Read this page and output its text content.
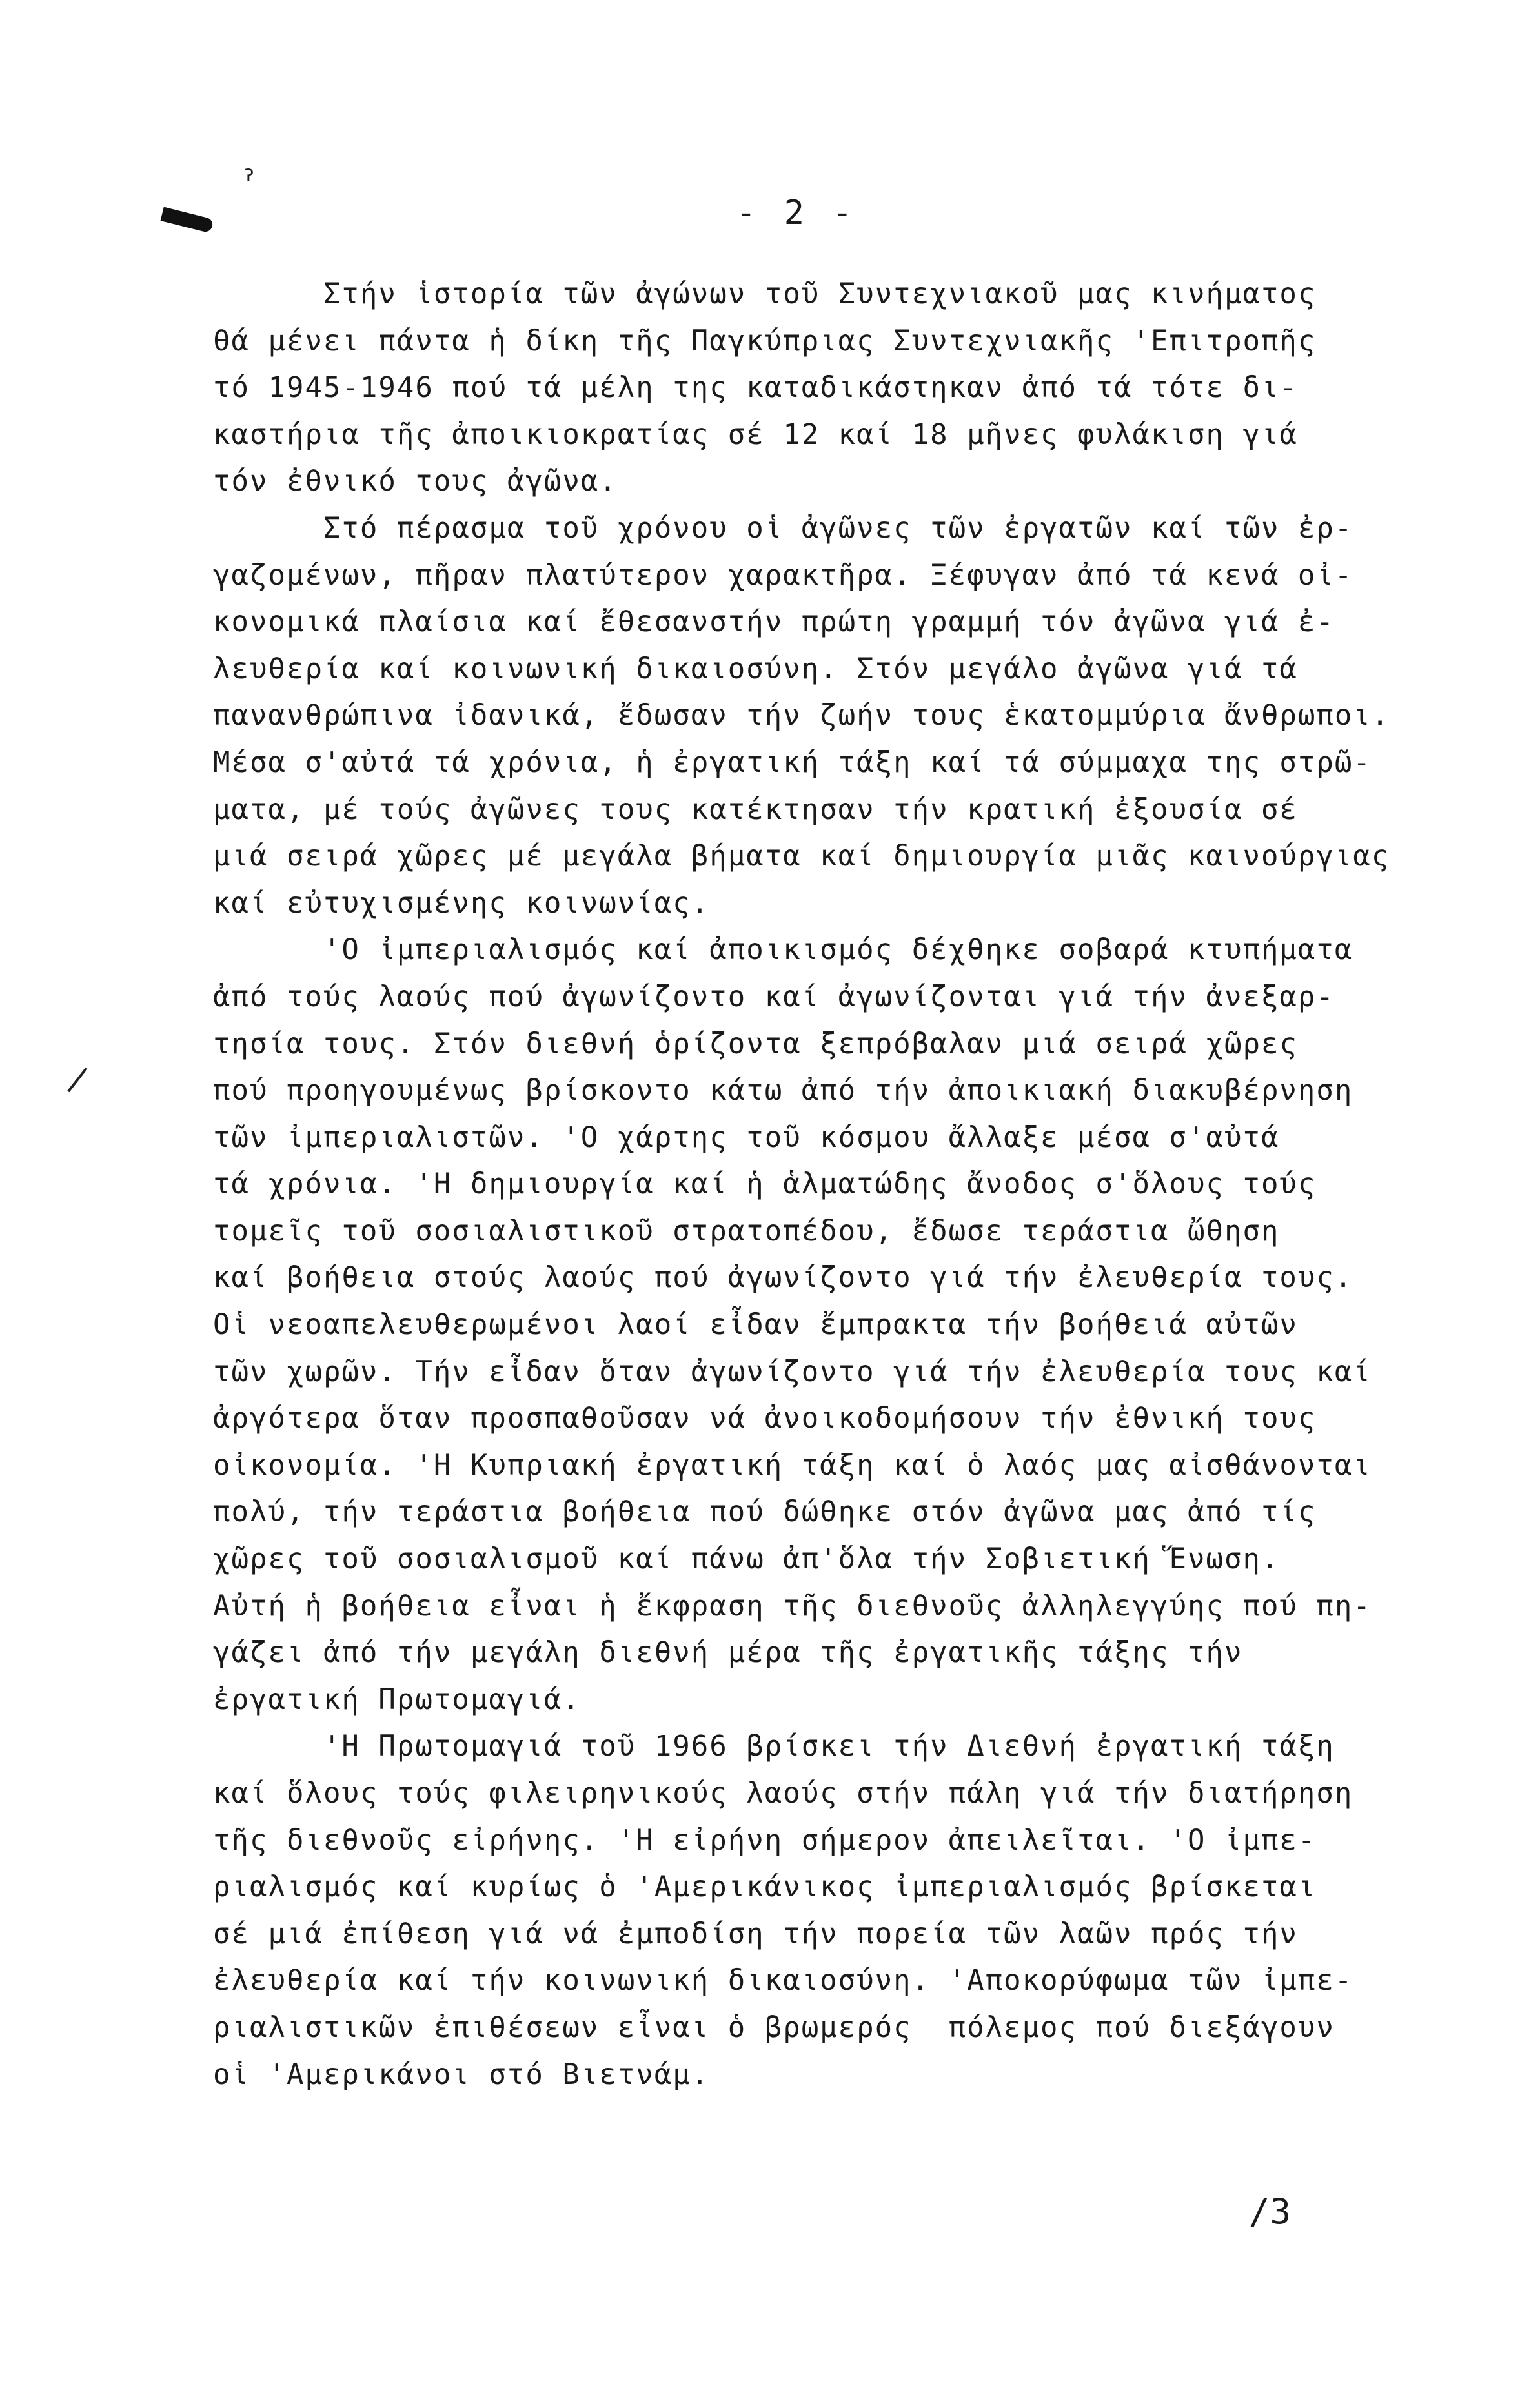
ˀ
- 2 -
Στήν ἱστορία τῶν ἀγώνων τοῦ Συντεχνιακοῦ μας κινήματος
θά μένει πάντα ἡ δίκη τῆς Παγκύπριας Συντεχνιακῆς 'Επιτροπῆς
τό 1945-1946 πού τά μέλη της καταδικάστηκαν ἀπό τά τότε δι-
καστήρια τῆς ἀποικιοκρατίας σέ 12 καί 18 μῆνες φυλάκιση γιά
τόν ἐθνικό τους ἀγῶνα.
Στό πέρασμα τοῦ χρόνου οἱ ἀγῶνες τῶν ἐργατῶν καί τῶν ἐρ-
γαζομένων, πῆραν πλατύτερον χαρακτῆρα. Ξέφυγαν ἀπό τά κενά οἰ-
κονομικά πλαίσια καί ἔθεσανστήν πρώτη γραμμή τόν ἀγῶνα γιά ἐ-
λευθερία καί κοινωνική δικαιοσύνη. Στόν μεγάλο ἀγῶνα γιά τά
πανανθρώπινα ἰδανικά, ἔδωσαν τήν ζωήν τους ἑκατομμύρια ἄνθρωποι.
Μέσα σ'αὐτά τά χρόνια, ἡ ἐργατική τάξη καί τά σύμμαχα της στρῶ-
ματα, μέ τούς ἀγῶνες τους κατέκτησαν τήν κρατική ἐξουσία σέ
μιά σειρά χῶρες μέ μεγάλα βήματα καί δημιουργία μιᾶς καινούργιας
καί εὐτυχισμένης κοινωνίας.
'Ο ἰμπεριαλισμός καί ἀποικισμός δέχθηκε σοβαρά κτυπήματα
ἀπό τούς λαούς πού ἀγωνίζοντο καί ἀγωνίζονται γιά τήν ἀνεξαρ-
τησία τους. Στόν διεθνή ὁρίζοντα ξεπρόβαλαν μιά σειρά χῶρες
πού προηγουμένως βρίσκοντο κάτω ἀπό τήν ἀποικιακή διακυβέρνηση
τῶν ἰμπεριαλιστῶν. 'Ο χάρτης τοῦ κόσμου ἄλλαξε μέσα σ'αὐτά
τά χρόνια. 'Η δημιουργία καί ἡ ἁλματώδης ἄνοδος σ'ὅλους τούς
τομεῖς τοῦ σοσιαλιστικοῦ στρατοπέδου, ἔδωσε τεράστια ὤθηση
καί βοήθεια στούς λαούς πού ἀγωνίζοντο γιά τήν ἐλευθερία τους.
Οἱ νεοαπελευθερωμένοι λαοί εἶδαν ἔμπρακτα τήν βοήθειά αὐτῶν
τῶν χωρῶν. Τήν εἶδαν ὅταν ἀγωνίζοντο γιά τήν ἐλευθερία τους καί
ἀργότερα ὅταν προσπαθοῦσαν νά ἀνοικοδομήσουν τήν ἐθνική τους
οἰκονομία. 'Η Κυπριακή ἐργατική τάξη καί ὁ λαός μας αἰσθάνονται
πολύ, τήν τεράστια βοήθεια πού δώθηκε στόν ἀγῶνα μας ἀπό τίς
χῶρες τοῦ σοσιαλισμοῦ καί πάνω ἀπ'ὅλα τήν Σοβιετική Ἕνωση.
Αὐτή ἡ βοήθεια εἶναι ἡ ἔκφραση τῆς διεθνοῦς ἀλληλεγγύης πού πη-
γάζει ἀπό τήν μεγάλη διεθνή μέρα τῆς ἐργατικῆς τάξης τήν
ἐργατική Πρωτομαγιά.
'Η Πρωτομαγιά τοῦ 1966 βρίσκει τήν Διεθνή ἐργατική τάξη
καί ὅλους τούς φιλειρηνικούς λαούς στήν πάλη γιά τήν διατήρηση
τῆς διεθνοῦς εἰρήνης. 'Η εἰρήνη σήμερον ἀπειλεῖται. 'Ο ἰμπε-
ριαλισμός καί κυρίως ὁ 'Αμερικάνικος ἰμπεριαλισμός βρίσκεται
σέ μιά ἐπίθεση γιά νά ἐμποδίση τήν πορεία τῶν λαῶν πρός τήν
ἐλευθερία καί τήν κοινωνική δικαιοσύνη. 'Αποκορύφωμα τῶν ἰμπε-
ριαλιστικῶν ἐπιθέσεων εἶναι ὁ βρωμερός  πόλεμος πού διεξάγουν
οἱ 'Αμερικάνοι στό Βιετνάμ.
/3
